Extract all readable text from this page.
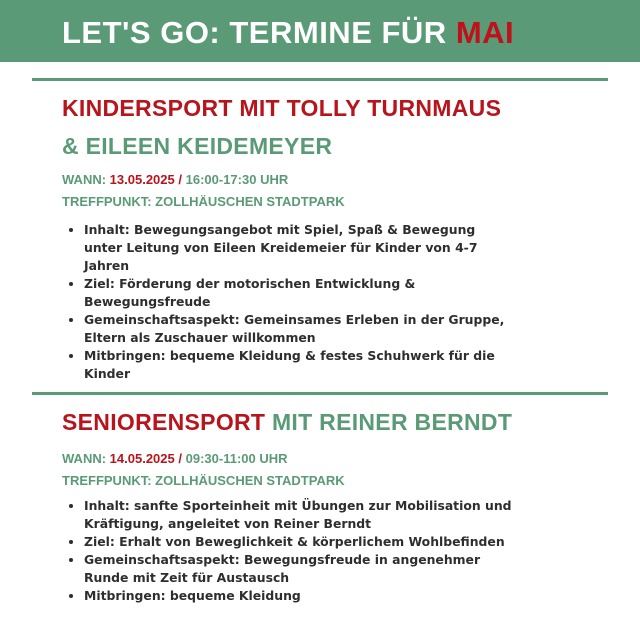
LET'S GO: TERMINE FÜR MAI
KINDERSPORT MIT TOLLY TURNMAUS
& EILEEN KEIDEMEYER
WANN: 13.05.2025 / 16:00-17:30 UHR
TREFFPUNKT: ZOLLHÄUSCHEN STADTPARK
• Inhalt: Bewegungsangebot mit Spiel, Spaß & Bewegung unter Leitung von Eileen Kreidemeier für Kinder von 4-7 Jahren
• Ziel: Förderung der motorischen Entwicklung & Bewegungsfreude
• Gemeinschaftsaspekt: Gemeinsames Erleben in der Gruppe, Eltern als Zuschauer willkommen
• Mitbringen: bequeme Kleidung & festes Schuhwerk für die Kinder
SENIORENSPORT MIT REINER BERNDT
WANN: 14.05.2025 / 09:30-11:00 UHR
TREFFPUNKT: ZOLLHÄUSCHEN STADTPARK
• Inhalt: sanfte Sporteinheit mit Übungen zur Mobilisation und Kräftigung, angeleitet von Reiner Berndt
• Ziel: Erhalt von Beweglichkeit & körperlichem Wohlbefinden
• Gemeinschaftsaspekt: Bewegungsfreude in angenehmer Runde mit Zeit für Austausch
• Mitbringen: bequeme Kleidung
